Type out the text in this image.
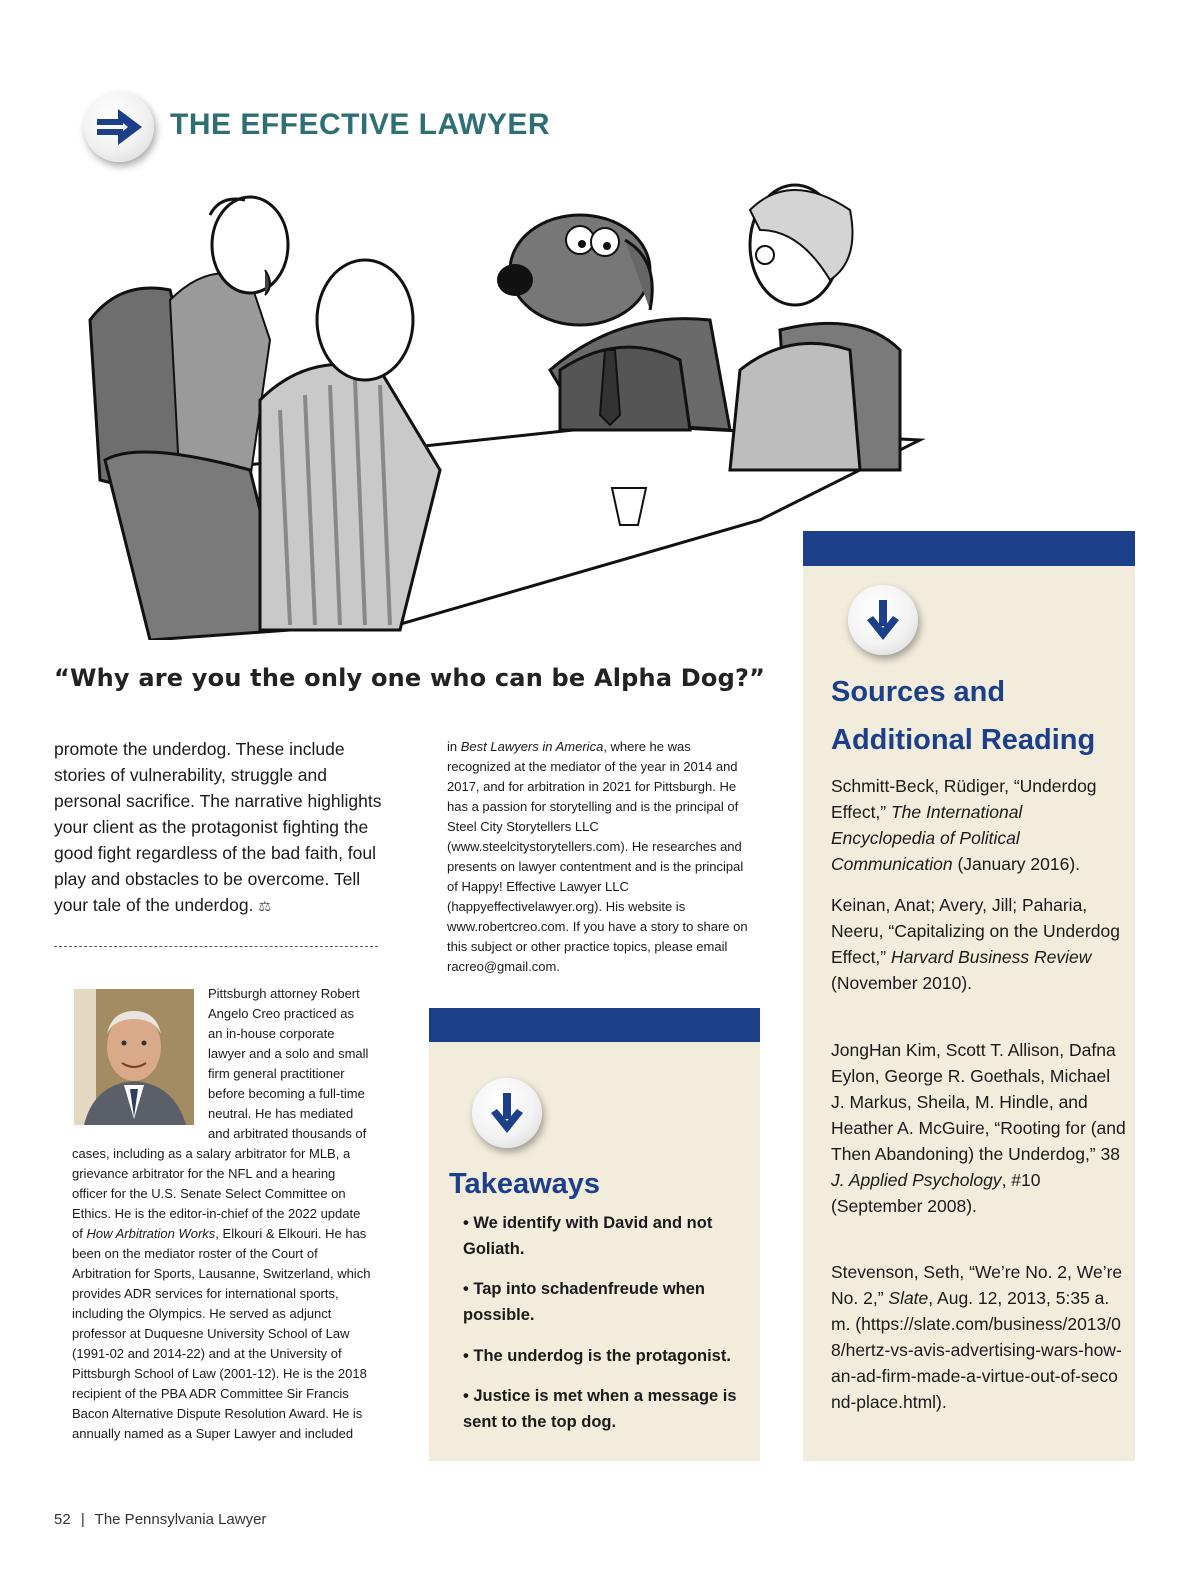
THE EFFECTIVE LAWYER
“Why are you the only one who can be Alpha Dog?”
promote the underdog. These include stories of vulnerability, struggle and personal sacrifice. The narrative highlights your client as the protagonist fighting the good fight regardless of the bad faith, foul play and obstacles to be overcome. Tell your tale of the underdog. ⚖
Pittsburgh attorney Robert Angelo Creo practiced as an in-house corporate lawyer and a solo and small firm general practitioner before becoming a full-time neutral. He has mediated and arbitrated thousands of cases, including as a salary arbitrator for MLB, a grievance arbitrator for the NFL and a hearing officer for the U.S. Senate Select Committee on Ethics. He is the editor-in-chief of the 2022 update of How Arbitration Works, Elkouri & Elkouri. He has been on the mediator roster of the Court of Arbitration for Sports, Lausanne, Switzerland, which provides ADR services for international sports, including the Olympics. He served as adjunct professor at Duquesne University School of Law (1991-02 and 2014-22) and at the University of Pittsburgh School of Law (2001-12). He is the 2018 recipient of the PBA ADR Committee Sir Francis Bacon Alternative Dispute Resolution Award. He is annually named as a Super Lawyer and included
in Best Lawyers in America, where he was recognized at the mediator of the year in 2014 and 2017, and for arbitration in 2021 for Pittsburgh. He has a passion for storytelling and is the principal of Steel City Storytellers LLC (www.steelcitystorytellers.com). He researches and presents on lawyer contentment and is the principal of Happy! Effective Lawyer LLC (happyeffectivelawyer.org). His website is www.robertcreo.com. If you have a story to share on this subject or other practice topics, please email racreo@gmail.com.
Takeaways
• We identify with David and not Goliath.
• Tap into schadenfreude when possible.
• The underdog is the protagonist.
• Justice is met when a message is sent to the top dog.
Sources and Additional Reading
Schmitt-Beck, Rüdiger, “Underdog Effect,” The International Encyclopedia of Political Communication (January 2016).
Keinan, Anat; Avery, Jill; Paharia, Neeru, “Capitalizing on the Underdog Effect,” Harvard Business Review (November 2010).
JongHan Kim, Scott T. Allison, Dafna Eylon, George R. Goethals, Michael J. Markus, Sheila, M. Hindle, and Heather A. McGuire, “Rooting for (and Then Abandoning) the Underdog,” 38 J. Applied Psychology, #10 (September 2008).
Stevenson, Seth, “We’re No. 2, We’re No. 2,” Slate, Aug. 12, 2013, 5:35 a.m. (https://slate.com/business/2013/08/hertz-vs-avis-advertising-wars-how-an-ad-firm-made-a-virtue-out-of-second-place.html).
52 | The Pennsylvania Lawyer
